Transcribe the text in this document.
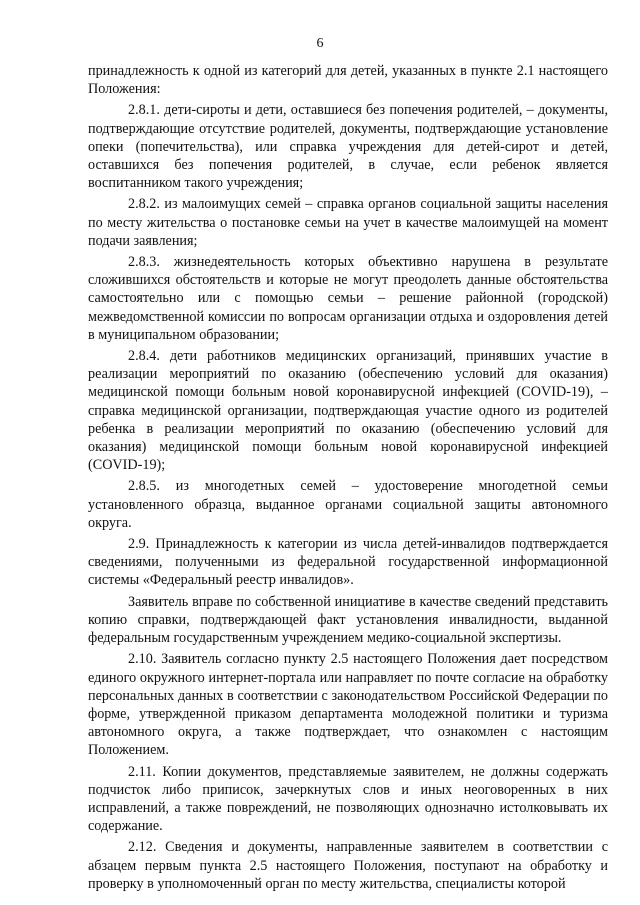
6

принадлежность к одной из категорий для детей, указанных в пункте 2.1 настоящего Положения:

2.8.1. дети-сироты и дети, оставшиеся без попечения родителей, – документы, подтверждающие отсутствие родителей, документы, подтверждающие установление опеки (попечительства), или справка учреждения для детей-сирот и детей, оставшихся без попечения родителей, в случае, если ребенок является воспитанником такого учреждения;

2.8.2. из малоимущих семей – справка органов социальной защиты населения по месту жительства о постановке семьи на учет в качестве малоимущей на момент подачи заявления;

2.8.3. жизнедеятельность которых объективно нарушена в результате сложившихся обстоятельств и которые не могут преодолеть данные обстоятельства самостоятельно или с помощью семьи – решение районной (городской) межведомственной комиссии по вопросам организации отдыха и оздоровления детей в муниципальном образовании;

2.8.4. дети работников медицинских организаций, принявших участие в реализации мероприятий по оказанию (обеспечению условий для оказания) медицинской помощи больным новой коронавирусной инфекцией (COVID-19), – справка медицинской организации, подтверждающая участие одного из родителей ребенка в реализации мероприятий по оказанию (обеспечению условий для оказания) медицинской помощи больным новой коронавирусной инфекцией (COVID-19);

2.8.5. из многодетных семей – удостоверение многодетной семьи установленного образца, выданное органами социальной защиты автономного округа.

2.9. Принадлежность к категории из числа детей-инвалидов подтверждается сведениями, полученными из федеральной государственной информационной системы «Федеральный реестр инвалидов».

Заявитель вправе по собственной инициативе в качестве сведений представить копию справки, подтверждающей факт установления инвалидности, выданной федеральным государственным учреждением медико-социальной экспертизы.

2.10. Заявитель согласно пункту 2.5 настоящего Положения дает посредством единого окружного интернет-портала или направляет по почте согласие на обработку персональных данных в соответствии с законодательством Российской Федерации по форме, утвержденной приказом департамента молодежной политики и туризма автономного округа, а также подтверждает, что ознакомлен с настоящим Положением.

2.11. Копии документов, представляемые заявителем, не должны содержать подчисток либо приписок, зачеркнутых слов и иных неоговоренных в них исправлений, а также повреждений, не позволяющих однозначно истолковывать их содержание.

2.12. Сведения и документы, направленные заявителем в соответствии с абзацем первым пункта 2.5 настоящего Положения, поступают на обработку и проверку в уполномоченный орган по месту жительства, специалисты которой
